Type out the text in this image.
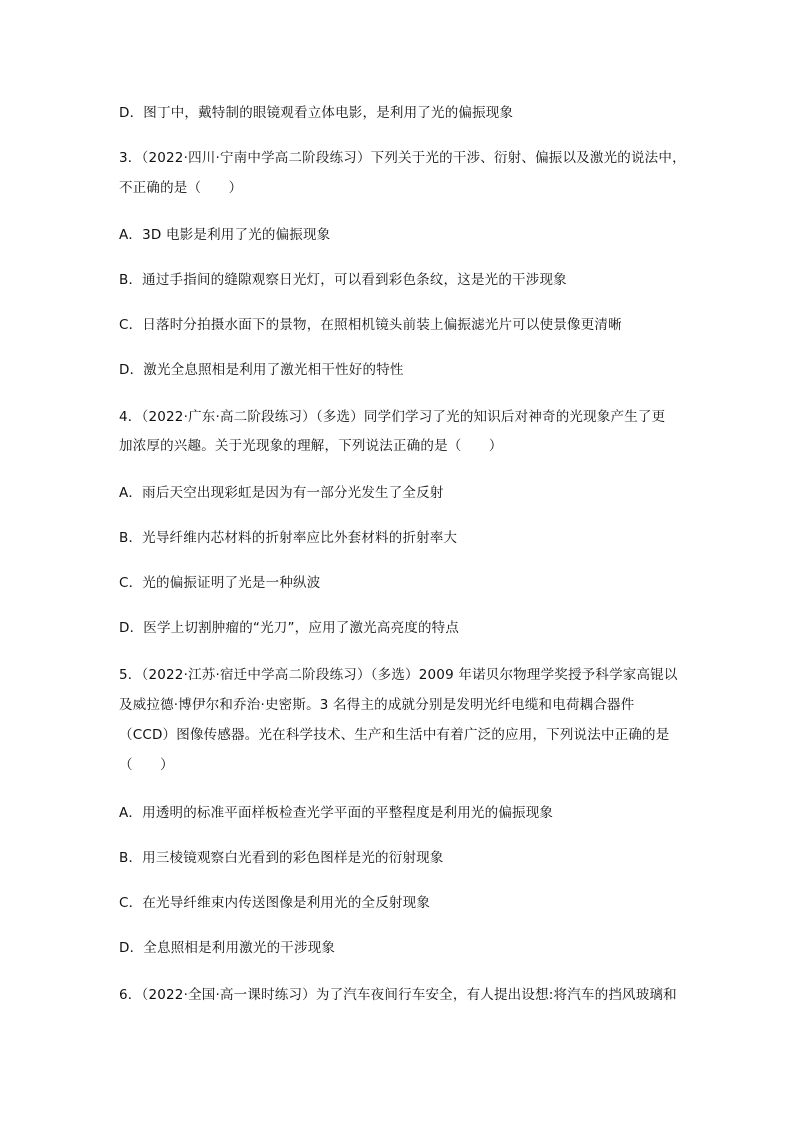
D．图丁中，戴特制的眼镜观看立体电影，是利用了光的偏振现象
3．（2022·四川·宁南中学高二阶段练习）下列关于光的干涉、衍射、偏振以及激光的说法中，
不正确的是（　　）
A．3D 电影是利用了光的偏振现象
B．通过手指间的缝隙观察日光灯，可以看到彩色条纹，这是光的干涉现象
C．日落时分拍摄水面下的景物，在照相机镜头前装上偏振滤光片可以使景像更清晰
D．激光全息照相是利用了激光相干性好的特性
4．（2022·广东·高二阶段练习）（多选）同学们学习了光的知识后对神奇的光现象产生了更
加浓厚的兴趣。关于光现象的理解，下列说法正确的是（　　）
A．雨后天空出现彩虹是因为有一部分光发生了全反射
B．光导纤维内芯材料的折射率应比外套材料的折射率大
C．光的偏振证明了光是一种纵波
D．医学上切割肿瘤的“光刀”，应用了激光高亮度的特点
5．（2022·江苏·宿迁中学高二阶段练习）（多选）2009 年诺贝尔物理学奖授予科学家高锟以
及威拉德·博伊尔和乔治·史密斯。3 名得主的成就分别是发明光纤电缆和电荷耦合器件
（CCD）图像传感器。光在科学技术、生产和生活中有着广泛的应用，下列说法中正确的是
（　　）
A．用透明的标准平面样板检查光学平面的平整程度是利用光的偏振现象
B．用三棱镜观察白光看到的彩色图样是光的衍射现象
C．在光导纤维束内传送图像是利用光的全反射现象
D．全息照相是利用激光的干涉现象
6．（2022·全国·高一课时练习）为了汽车夜间行车安全，有人提出设想:将汽车的挡风玻璃和
